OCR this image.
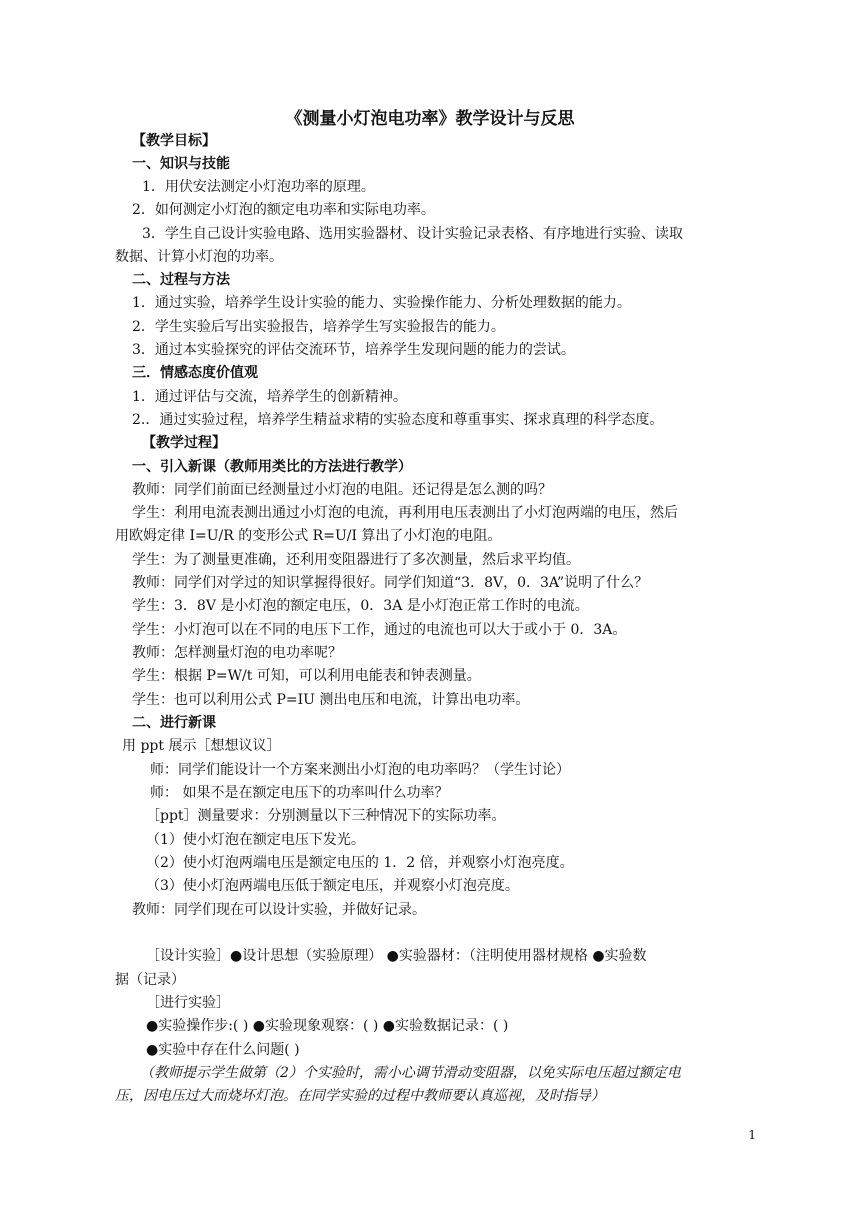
《测量小灯泡电功率》教学设计与反思
【教学目标】
一、知识与技能
1．用伏安法测定小灯泡功率的原理。
2．如何测定小灯泡的额定电功率和实际电功率。
3．学生自己设计实验电路、选用实验器材、设计实验记录表格、有序地进行实验、读取
数据、计算小灯泡的功率。
二、过程与方法
1．通过实验，培养学生设计实验的能力、实验操作能力、分析处理数据的能力。
2．学生实验后写出实验报告，培养学生写实验报告的能力。
3．通过本实验探究的评估交流环节，培养学生发现问题的能力的尝试。
三．情感态度价值观
1．通过评估与交流，培养学生的创新精神。
2.．通过实验过程，培养学生精益求精的实验态度和尊重事实、探求真理的科学态度。
【教学过程】
一、引入新课（教师用类比的方法进行教学）
教师：同学们前面已经测量过小灯泡的电阻。还记得是怎么测的吗？
学生：利用电流表测出通过小灯泡的电流，再利用电压表测出了小灯泡两端的电压，然后
用欧姆定律 I=U/R 的变形公式 R=U/I 算出了小灯泡的电阻。
学生：为了测量更准确，还利用变阻器进行了多次测量，然后求平均值。
教师：同学们对学过的知识掌握得很好。同学们知道“3．8V，0．3A”说明了什么？
学生：3．8V 是小灯泡的额定电压，0．3A 是小灯泡正常工作时的电流。
学生：小灯泡可以在不同的电压下工作，通过的电流也可以大于或小于 0．3A。
教师：怎样测量灯泡的电功率呢？
学生：根据 P=W/t 可知，可以利用电能表和钟表测量。
学生：也可以利用公式 P=IU 测出电压和电流，计算出电功率。
二、进行新课
用 ppt 展示［想想议议］
师：同学们能设计一个方案来测出小灯泡的电功率吗？（学生讨论）
师： 如果不是在额定电压下的功率叫什么功率？
［ppt］测量要求：分别测量以下三种情况下的实际功率。
（1）使小灯泡在额定电压下发光。
（2）使小灯泡两端电压是额定电压的 1．2 倍，并观察小灯泡亮度。
（3）使小灯泡两端电压低于额定电压，并观察小灯泡亮度。
教师：同学们现在可以设计实验，并做好记录。
［设计实验］●设计思想（实验原理） ●实验器材：（注明使用器材规格 ●实验数
据（记录）
［进行实验］
●实验操作步:( ) ●实验现象观察：( ) ●实验数据记录：( )
●实验中存在什么问题( )
（教师提示学生做第（2）个实验时，需小心调节滑动变阻器，以免实际电压超过额定电
压，因电压过大而烧坏灯泡。在同学实验的过程中教师要认真巡视，及时指导）
1
